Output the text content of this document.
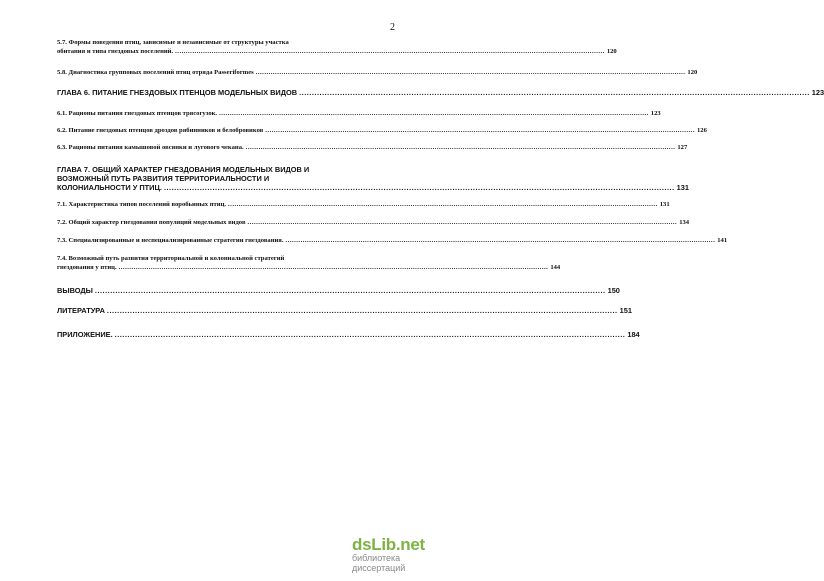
2
5.7. Формы поведения птиц, зависимые и независимые от структуры участка
обитания и типа гнездовых поселений. ........................................................................................................................................................................................................ 120
5.8. Диагностика групповых поселений птиц отряда Passeriformes ........................................................................................................................................................................................................ 120
ГЛАВА 6. ПИТАНИЕ ГНЕЗДОВЫХ ПТЕНЦОВ МОДЕЛЬНЫХ ВИДОВ ........................................................................................................................................................................................................ 123
6.1. Рационы питания гнездовых птенцов трясогузок. ........................................................................................................................................................................................................ 123
6.2. Питание гнездовых птенцов дроздов рябинников и белобровиков ........................................................................................................................................................................................................ 126
6.3. Рационы питания камышовой овсянки и лугового чекана. ........................................................................................................................................................................................................ 127
ГЛАВА 7. ОБЩИЙ ХАРАКТЕР ГНЕЗДОВАНИЯ МОДЕЛЬНЫХ ВИДОВ И
ВОЗМОЖНЫЙ ПУТЬ РАЗВИТИЯ ТЕРРИТОРИАЛЬНОСТИ И
КОЛОНИАЛЬНОСТИ У ПТИЦ. ........................................................................................................................................................................................................ 131
7.1. Характеристика типов поселений воробьиных птиц. ........................................................................................................................................................................................................ 131
7.2. Общий характер гнездования популяций модельных видов ........................................................................................................................................................................................................ 134
7.3. Специализированные и неспециализированные стратегии гнездования. ........................................................................................................................................................................................................ 141
7.4. Возможный путь развития территориальной и колониальной стратегий
гнездования у птиц. ........................................................................................................................................................................................................ 144
ВЫВОДЫ ........................................................................................................................................................................................................ 150
ЛИТЕРАТУРА ........................................................................................................................................................................................................ 151
ПРИЛОЖЕНИЕ. ........................................................................................................................................................................................................ 184
dsLib.net
библиотека диссертаций
